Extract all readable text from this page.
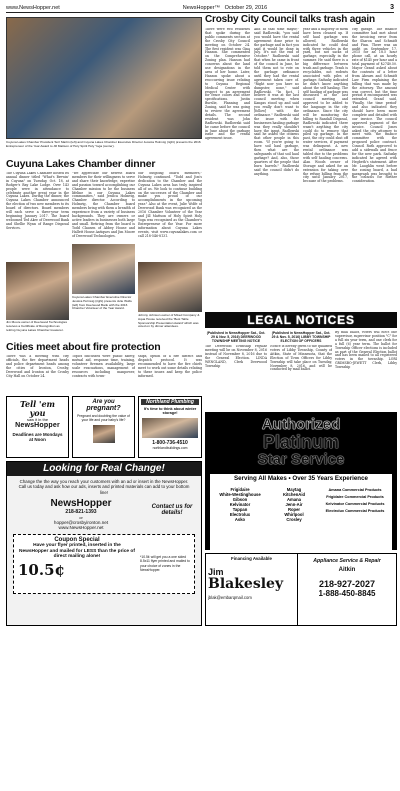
www.NewsHopper.net	NewsHopper™ October 29, 2016	3
Cuyuna Lakes Chamber President Terri Martin (left) and Cuyuna Lakes Chamber Executive Director Jessica Holmvig (right) presents the 2016 Entrepreneur of the Year Award to Jill Mattson of Holy Spirit Holy Yoga (center).
Crosby City Council talks trash again
There were two residents that spoke during the public comments section at the Crosby City Council meeting on October 24. The first resident was Gina Hanson. She commented on the Comprehensive Zoning plan. Hanson had concerns about the land use designations in the area of her home. Later, Hanson spoke about a reoccurring issue relating to Cuyuna Regional Medical Center with respect to an agreement for fence colors and other specifications. Justin Burslie, Planning and Zoning, said he was going to review the agreement details. The second resident was John Radlowski. Radlowski said he came before the council in June about the garbage issue and the rental agreement issue.
And at that time mayor," said Radlowski, "you said you would have the rental agreement done prior to the garbage and in fact you said it would be done in July. It's not the end of October." Radlowski said that when he came in front of the council in June, he told them not to vote on the garbage ordinance until they had the rental agreement taken care of. "Right now you have no dumpster, none," said Radlowski. "In fact, I believe it was at the last council meeting when Kangas stood up and said you really don't want to [follow] with the ordinance." Radlowski said the issue with the businesses hauling garbage was they really shouldn't have the input. Radlowski said he asked the citizens that other people in this room. "If you're going to have soil haul garbage, then what are the safeguards of that soil haul garbage? And, also, those quarters of the people that burn barrels." Radlowski said the council didn't do anything.
year and a majority of them have been cleaned up. If self haul garbage was allowed, Radlowski indicated he could deal with three vehicles in the yard, but not sacks of garbage, especially in the summer. He said there is a big difference between trash and garbage. Trash is recyclables, not rodents associated with piles of garbage. Sadusky indicated he didn't know anything about the self hauling. The self hauling of garbage was discussed at the last council meeting and approved to be added to the language in the city ordinance. Since the city will be monitoring the billing to Randall Disposal, Radlowski indicated there wasn't anything the city could do to remove that piled up garbage. In the past, the city could shut off water services, if payment was delinquent. A new rental ordinance was tabled due to the problems with self hauling concerns. Alan Woods owner of Storage and asked for an extension for taking over the refuse billing from the city until January 2017, because of the problems.
city garage. The finance committee had met about the invoicing error from the Sharon and Schmidt and Finn. There was an audit on September 17, 2015 for an 18.5 hour phone call, at an hourly rate of $145 per hour and a total payment of $2740.50. Mayor Grand asked about the contents of a letter from Ahearn and Schmidt Law Firm explaining the billing that was made by the attorney. The amount was correct, but the time period it encompassed was extended. Grand said, 'Finally, the time period' and also indicated they should have been more complete and detailed with our invoice. The council approved payment of the invoice. Council Jones asked the city attorney to meet with the finance committee with the proposed police contract. Council Ruth approved to add a sidewalk and fence for the new park. Sadusky indicated he agreed with Hegbeth's statement. After Mr. Laughlin went before the zoning board, a bad paragraph was brought to the councils for further consideration.
Cuyuna Lakes Chamber dinner
The Cuyuna Lakes Chamber hosted its annual dinner titled "What's Brewin' in Cuyuna" on Tuesday, Oct. 18, at Rodger's Bay Lake Lodge. Over 143 people were in attendance to celebrate another great year in the Cuyuna Lakes. During the dinner, the Cuyuna Lakes Chamber announced the election of two new members to its board of directors. Board members will each serve a three-year term beginning January 2017. The board welcomed Ted Akre of Deerwood Bank and Shellie Wynn of Range Disposal Services.
"We appreciate our newest board members for their willingness to serve and share their knowledge, expertise and passion toward accomplishing our Chamber mission to be the business lifeline in our Cuyuna Lakes communities," said Jessica Holmvig, Chamber director. According to Holmvig, the Chamber board members bring with them a breadth of experience from a variety of business backgrounds. They are owners or active leaders in businesses both large and small. Retiring from the board is Todd Clausen of Abbey House and Hallett House Antiques and Jim Moore of Deerwood Technologies.
our outgoing board members," Holmvig continued. "Todd and Jim's dedication to the Chamber and the Cuyuna Lakes area has truly inspired all of us. We look to continue building on the successes of the Chamber and make you proud of our accomplishments in the upcoming year." Also at the event, Julie Wolfe of Deerwood Bank was recognized as the 2016 Chamber Volunteer of the Year and Jill Mattson of Holy Spirit Holy Yoga was recognized as the Chamber's Entrepreneur of the Year. For more information about Cuyuna Lakes events, visit www.cuyunalakes.com or call 218-546-8131.
Jim Moore owner of Deerwood Technologies receives a Certificate of Recognition as retiring Cuyuna Lakes Chamber treasurer.
Cuyuna Lakes Chamber Executive Director Jessica Holmvig (right) presents Julie Wolfe (left) from Deerwood Bank with the 2016 Chamber Volunteer of the Year Award.
Johnny Johnson owner of Mixed Company & Aqua House received the 'Best Table Sponsorship Presentation Award' which was voted on by dinner attendees.
Cities meet about fire protection
There was a meeting with city officials, the fire department heads and police department heads among the cities of Ironton, Crosby, Deerwood and Ironton at the Crosby City Hall on October 24.
Topics discussed were public safety, mutual aid, response time, training, volunteer firemen availability, large scale evacuations, management of resources including manpower, contracts with town-
ships, option of a fire district and dispatch protocol. It was recommended to have the fire chiefs meet to work out some details relating to these issues and keep the police informed.
LEGAL NOTICES
(Published in NewsHopper Sat., Oct. 29 & Nov. 5, 2016) DEERWOOD TOWNSHIP MEETING NOTICE
The Deerwood Township regular meeting will be on November 8, 2016 instead of November 8, 2016 due to the General Election. LINDA WENGLAND, Clerk Deerwood Township
(Published in NewsHopper Sat., Oct. 29 & Nov. 5, 2016) LIBBY TOWNSHIP ELECTION OF OFFICERS
Notice is hereby given to the qualified voters of Libby Township, County of Aitkin, State of Minnesota, that the Election of Town Officers for Libby Township will take place on Tuesday, November 8, 2016, and will be conducted by mail ballot.
By mail ballot, voters will elect one supervisor, supervisor position "C" for a full six year term, and one clerk for a full (6) year term. The ballot for Township Officer elections is included as part of the General Election ballot and has been mailed to all registered voters in the township. LORI GRIMSBO-JEWETT Clerk, Libby Township
Tell 'em
you
saw it in the
NewsHopper
Deadlines are Mondays at Noon
Are you
pregnant?
Pregnant and doubting the value of your life and your baby's life?
Northland Plumbing
It's time to think about winter storage!
1-800-736-4510
northlandbuildings.com
Looking for Real Change!
Change the the way you reach your customers with an ad or insert in the NewsHopper. Call us today and ask how our ads, inserts and printed materials can add to your bottom line!
NewsHopper
218-821-1393
or
hopper@crosbyironton.net
www.NewsHopper.net
Contact us for details!
Coupon Special
Have your flyer printed, inserted in the NewsHopper and mailed for LESS than the price of direct mailing alone!
10.5¢
*10.5¢ will get you a one sided 8.5x11 flyer printed and mailed to your choice of zones in the NewsHopper.
Authorized
Platinum
Star Service
Serving All Makes • Over 35 Years Experience
Frigidaire
White-Westinghouse
Gibson
Kelvinator
Tappan
Electrolux
Asko
Maytag
KitchenAid
Amana
Jenn-Air
Roper
Whirlpool
Crosley
Amana Commercial Products
Frigidaire Commercial Products
Kelvinator Commercial Products
Electrolux Commercial Products
Financing Available
Jim
Blakesley
jblak@embarqmail.com
Appliance Service & Repair
Aitkin
218-927-2027
1-888-450-8845
